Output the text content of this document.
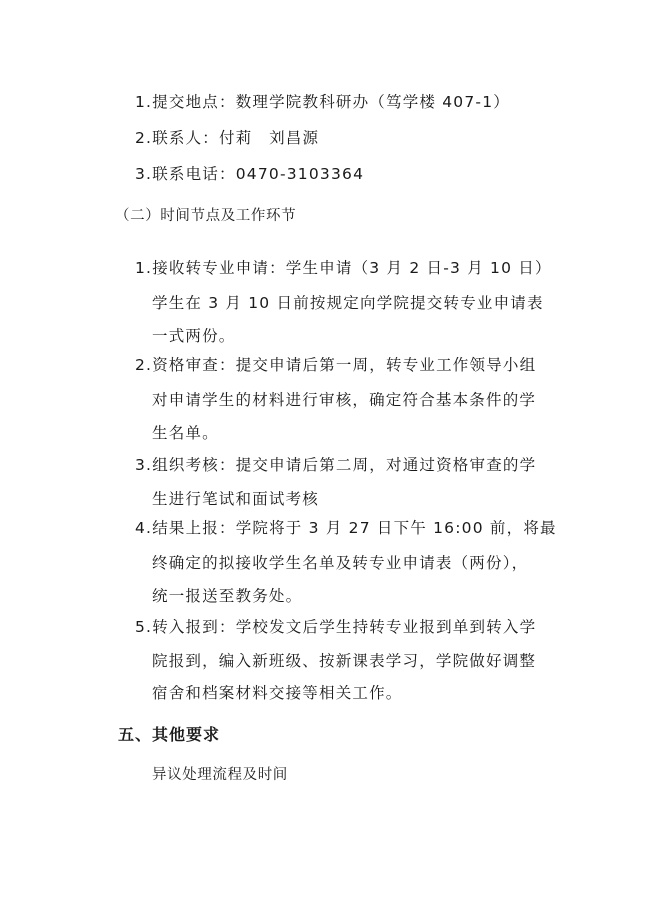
1.提交地点：数理学院教科研办（笃学楼 407-1）
2.联系人：付莉　刘昌源
3.联系电话：0470-3103364
（二）时间节点及工作环节
1.接收转专业申请：学生申请（3 月 2 日-3 月 10 日）
学生在 3 月 10 日前按规定向学院提交转专业申请表
一式两份。
2.资格审查：提交申请后第一周，转专业工作领导小组
对申请学生的材料进行审核，确定符合基本条件的学
生名单。
3.组织考核：提交申请后第二周，对通过资格审查的学
生进行笔试和面试考核
4.结果上报：学院将于 3 月 27 日下午 16:00 前，将最
终确定的拟接收学生名单及转专业申请表（两份），
统一报送至教务处。
5.转入报到：学校发文后学生持转专业报到单到转入学
院报到，编入新班级、按新课表学习，学院做好调整
宿舍和档案材料交接等相关工作。
五、其他要求
异议处理流程及时间
